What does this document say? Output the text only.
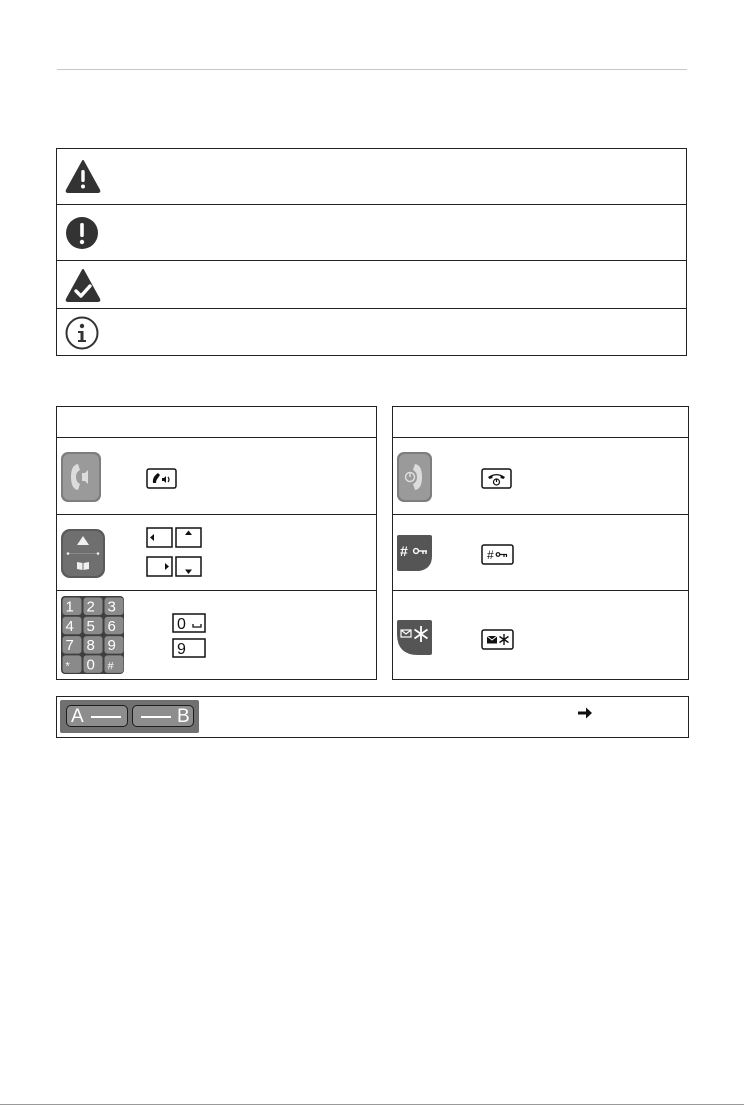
1 2 3
4 5 6
7 8 9
* 0 #
0
9
#	#
A	B
